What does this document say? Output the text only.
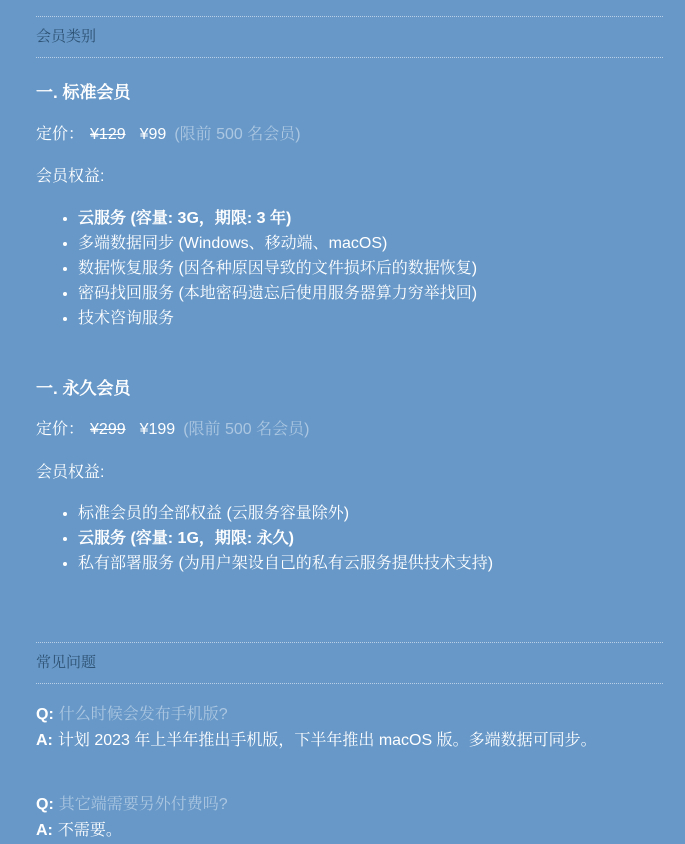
会员类别
一. 标准会员

定价： ¥129 ¥99 (限前 500 名会员)

会员权益:

• 云服务 (容量: 3G，期限: 3 年)
• 多端数据同步 (Windows、移动端、macOS)
• 数据恢复服务 (因各种原因导致的文件损坏后的数据恢复)
• 密码找回服务 (本地密码遗忘后使用服务器算力穷举找回)
• 技术咨询服务
一. 永久会员

定价： ¥299 ¥199 (限前 500 名会员)

会员权益:

• 标准会员的全部权益 (云服务容量除外)
• 云服务 (容量: 1G，期限: 永久)
• 私有部署服务 (为用户架设自己的私有云服务提供技术支持)
常见问题

Q: 什么时候会发布手机版?

A: 计划 2023 年上半年推出手机版，下半年推出 macOS 版。多端数据可同步。

Q: 其它端需要另外付费吗?

A: 不需要。
